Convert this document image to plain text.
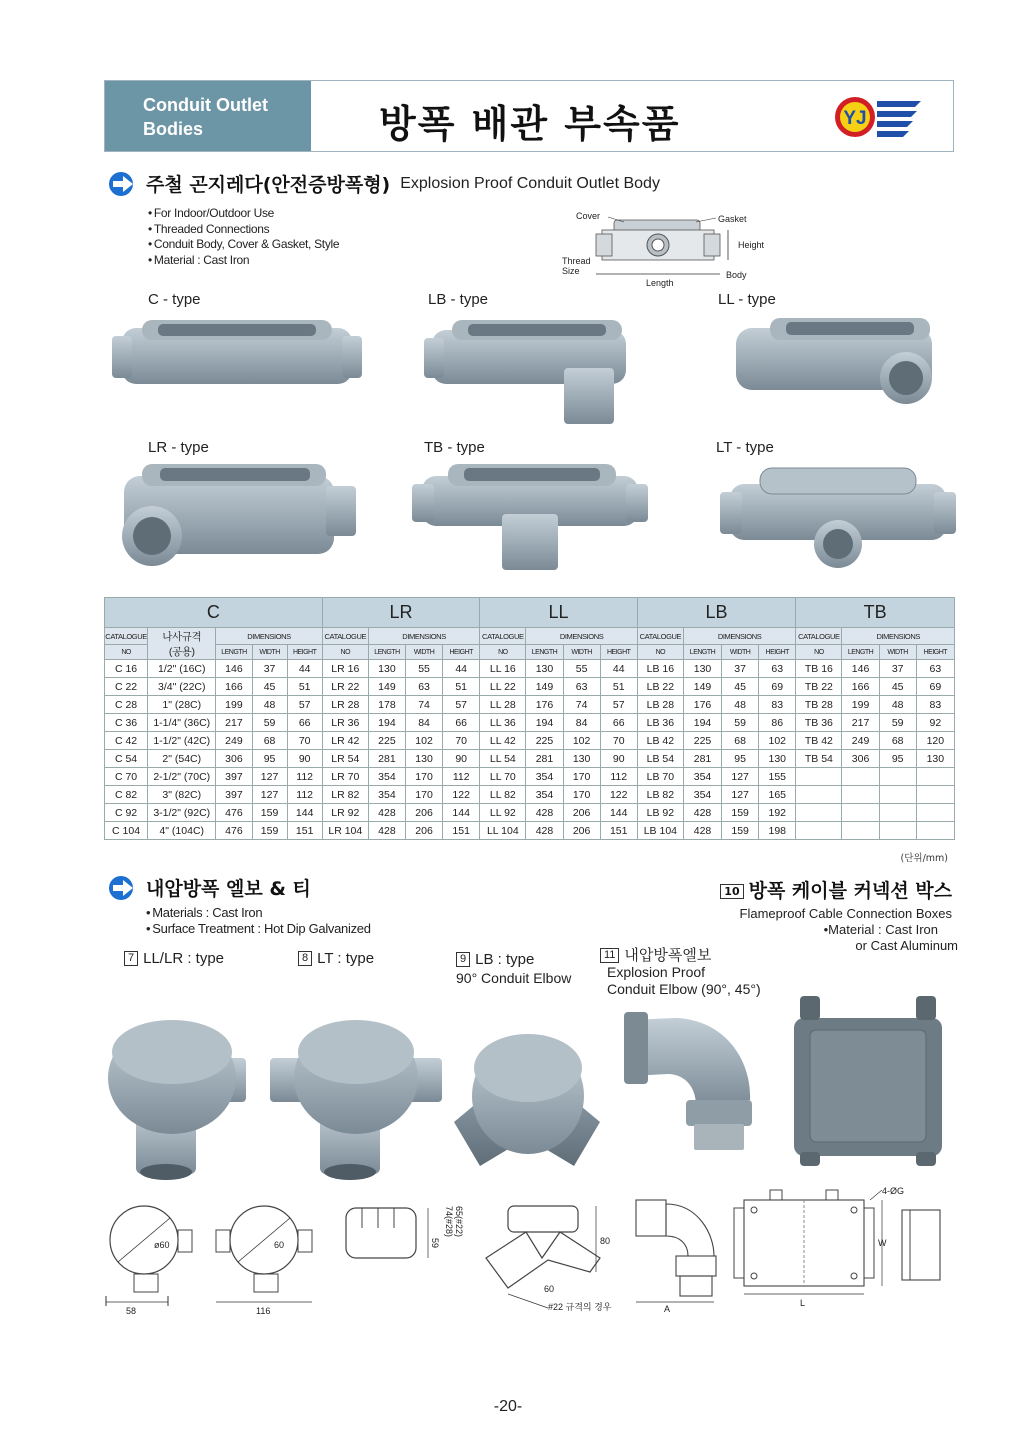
Conduit Outlet
Bodies	방폭 배관 부속품	YJ
주철 곤지레다(안전증방폭형) Explosion Proof Conduit Outlet Body
• For Indoor/Outdoor Use
• Threaded Connections
• Conduit Body, Cover & Gasket, Style
• Material : Cast Iron
Cover	Gasket
Height
Thread
Size	Body
Length
C - type	LB - type	LL - type
LR - type	TB - type	LT - type
C					LR				LL				LB				TB			
CATALOGUE	나사규격
(공용)	DIMENSIONS			CATALOGUE	DIMENSIONS			CATALOGUE	DIMENSIONS			CATALOGUE	DIMENSIONS			CATALOGUE	DIMENSIONS		
NO		LENGTH	WIDTH	HEIGHT	NO	LENGTH	WIDTH	HEIGHT	NO	LENGTH	WIDTH	HEIGHT	NO	LENGTH	WIDTH	HEIGHT	NO	LENGTH	WIDTH	HEIGHT
C 16	1/2" (16C)	146	37	44	LR 16	130	55	44	LL 16	130	55	44	LB 16	130	37	63	TB 16	146	37	63
C 22	3/4" (22C)	166	45	51	LR 22	149	63	51	LL 22	149	63	51	LB 22	149	45	69	TB 22	166	45	69
C 28	1" (28C)	199	48	57	LR 28	178	74	57	LL 28	176	74	57	LB 28	176	48	83	TB 28	199	48	83
C 36	1-1/4" (36C)	217	59	66	LR 36	194	84	66	LL 36	194	84	66	LB 36	194	59	86	TB 36	217	59	92
C 42	1-1/2" (42C)	249	68	70	LR 42	225	102	70	LL 42	225	102	70	LB 42	225	68	102	TB 42	249	68	120
C 54	2" (54C)	306	95	90	LR 54	281	130	90	LL 54	281	130	90	LB 54	281	95	130	TB 54	306	95	130
C 70	2-1/2" (70C)	397	127	112	LR 70	354	170	112	LL 70	354	170	112	LB 70	354	127	155				
C 82	3" (82C)	397	127	112	LR 82	354	170	122	LL 82	354	170	122	LB 82	354	127	165				
C 92	3-1/2" (92C)	476	159	144	LR 92	428	206	144	LL 92	428	206	144	LB 92	428	159	192				
C 104	4" (104C)	476	159	151	LR 104	428	206	151	LL 104	428	206	151	LB 104	428	159	198				
(단위/mm)
내압방폭 엘보 & 티
• Materials : Cast Iron
• Surface Treatment : Hot Dip Galvanized
10 방폭 케이블 커넥션 박스
Flameproof Cable Connection Boxes
•Material : Cast Iron
or Cast Aluminum
7 LL/LR : type	8 LT : type	9 LB : type
90° Conduit Elbow
11 내압방폭엘보
Explosion Proof
Conduit Elbow (90°, 45°)
ø60
58
60
116
59
74(#28) 65(#22)
80
60
#22 규격의 경우	A
4-ØG
W
L
-20-
